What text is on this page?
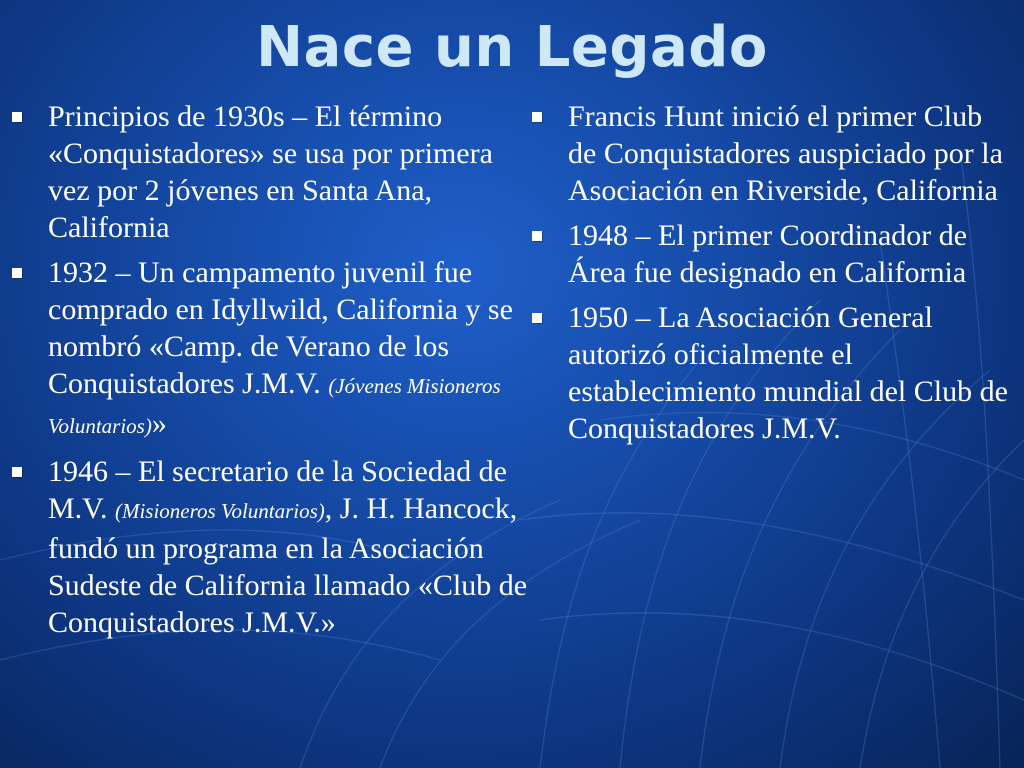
Nace un Legado
Principios de 1930s – El término «Conquistadores» se usa por primera vez por 2 jóvenes en Santa Ana, California
1932 – Un campamento juvenil fue comprado en Idyllwild, California y se nombró «Camp. de Verano de los Conquistadores J.M.V. (Jóvenes Misioneros Voluntarios)»
1946 – El secretario de la Sociedad de M.V. (Misioneros Voluntarios), J. H. Hancock, fundó un programa en la Asociación Sudeste de California llamado «Club de Conquistadores J.M.V.»
Francis Hunt inició el primer Club de Conquistadores auspiciado por la Asociación en Riverside, California
1948 – El primer Coordinador de Área fue designado en California
1950 – La Asociación General autorizó oficialmente el establecimiento mundial del Club de Conquistadores J.M.V.
